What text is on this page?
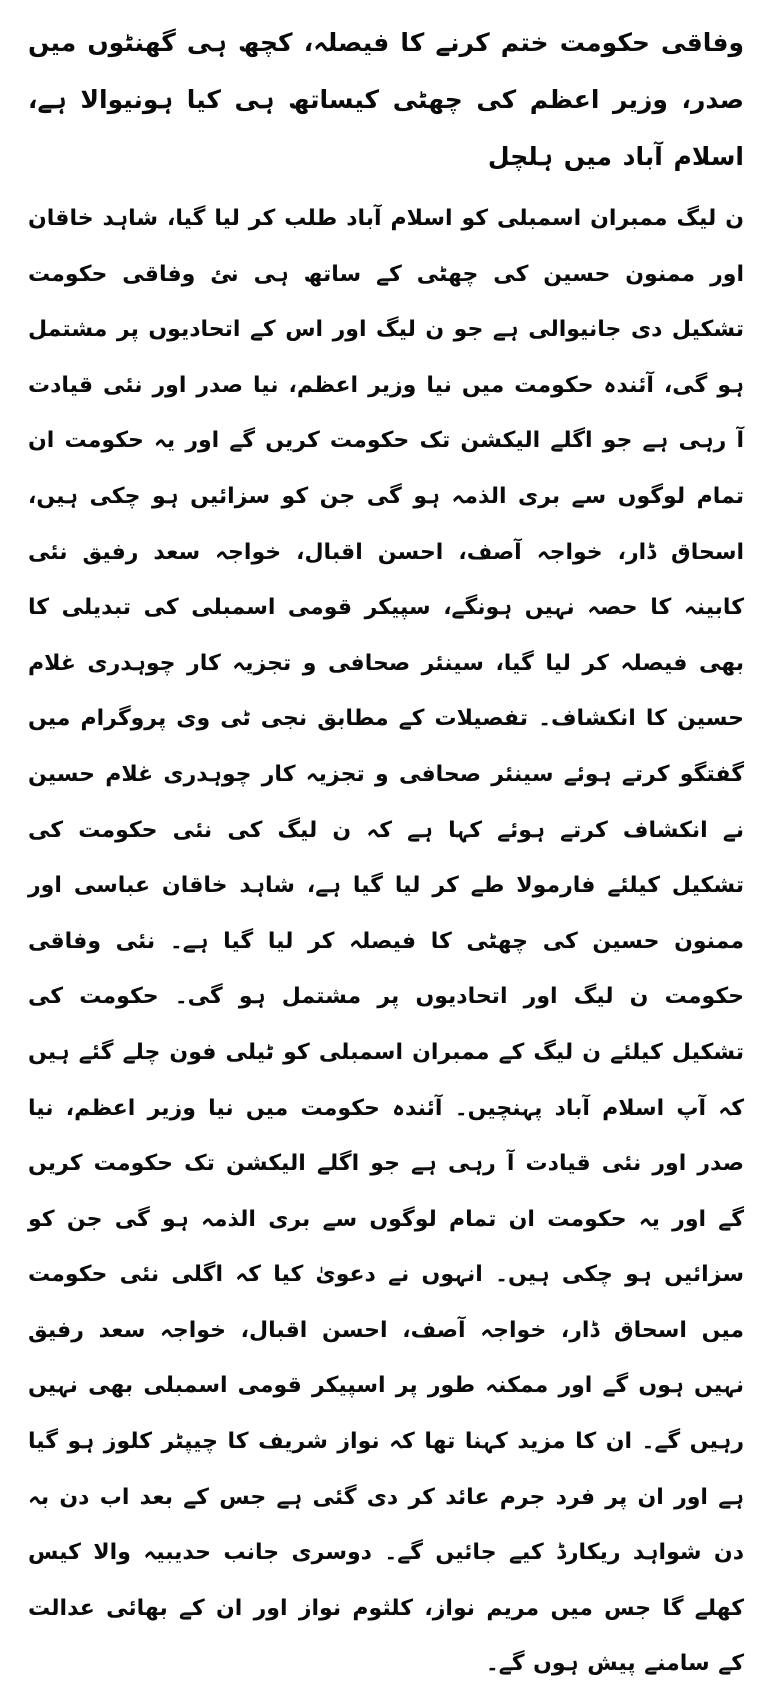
وفاقی حکومت ختم کرنے کا فیصلہ، کچھ ہی گھنٹوں میں صدر، وزیر اعظم کی چھٹی کیساتھ ہی کیا ہونیوالا ہے، اسلام آباد میں ہلچل

ن لیگ ممبران اسمبلی کو اسلام آباد طلب کر لیا گیا، شاہد خاقان اور ممنون حسین کی چھٹی کے ساتھ ہی نئ وفاقی حکومت تشکیل دی جانیوالی ہے جو ن لیگ اور اس کے اتحادیوں پر مشتمل ہو گی، آئندہ حکومت میں نیا وزیر اعظم، نیا صدر اور نئی قیادت آ رہی ہے جو اگلے الیکشن تک حکومت کریں گے اور یہ حکومت ان تمام لوگوں سے بری الذمہ ہو گی جن کو سزائیں ہو چکی ہیں، اسحاق ڈار، خواجہ آصف، احسن اقبال، خواجہ سعد رفیق نئی کابینہ کا حصہ نہیں ہونگے، سپیکر قومی اسمبلی کی تبدیلی کا بھی فیصلہ کر لیا گیا، سینئر صحافی و تجزیہ کار چوہدری غلام حسین کا انکشاف۔ تفصیلات کے مطابق نجی ٹی وی پروگرام میں گفتگو کرتے ہوئے سینئر صحافی و تجزیہ کار چوہدری غلام حسین نے انکشاف کرتے ہوئے کہا ہے کہ ن لیگ کی نئی حکومت کی تشکیل کیلئے فارمولا طے کر لیا گیا ہے، شاہد خاقان عباسی اور ممنون حسین کی چھٹی کا فیصلہ کر لیا گیا ہے۔ نئی وفاقی حکومت ن لیگ اور اتحادیوں پر مشتمل ہو گی۔ حکومت کی تشکیل کیلئے ن لیگ کے ممبران اسمبلی کو ٹیلی فون چلے گئے ہیں کہ آپ اسلام آباد پہنچیں۔ آئندہ حکومت میں نیا وزیر اعظم، نیا صدر اور نئی قیادت آ رہی ہے جو اگلے الیکشن تک حکومت کریں گے اور یہ حکومت ان تمام لوگوں سے بری الذمہ ہو گی جن کو سزائیں ہو چکی ہیں۔ انہوں نے دعویٰ کیا کہ اگلی نئی حکومت میں اسحاق ڈار، خواجہ آصف، احسن اقبال، خواجہ سعد رفیق نہیں ہوں گے اور ممکنہ طور پر اسپیکر قومی اسمبلی بھی نہیں رہیں گے۔ ان کا مزید کہنا تھا کہ نواز شریف کا چیپٹر کلوز ہو گیا ہے اور ان پر فرد جرم عائد کر دی گئی ہے جس کے بعد اب دن بہ دن شواہد ریکارڈ کیے جائیں گے۔ دوسری جانب حدیبیہ والا کیس کھلے گا جس میں مریم نواز، کلثوم نواز اور ان کے بھائی عدالت کے سامنے پیش ہوں گے۔
